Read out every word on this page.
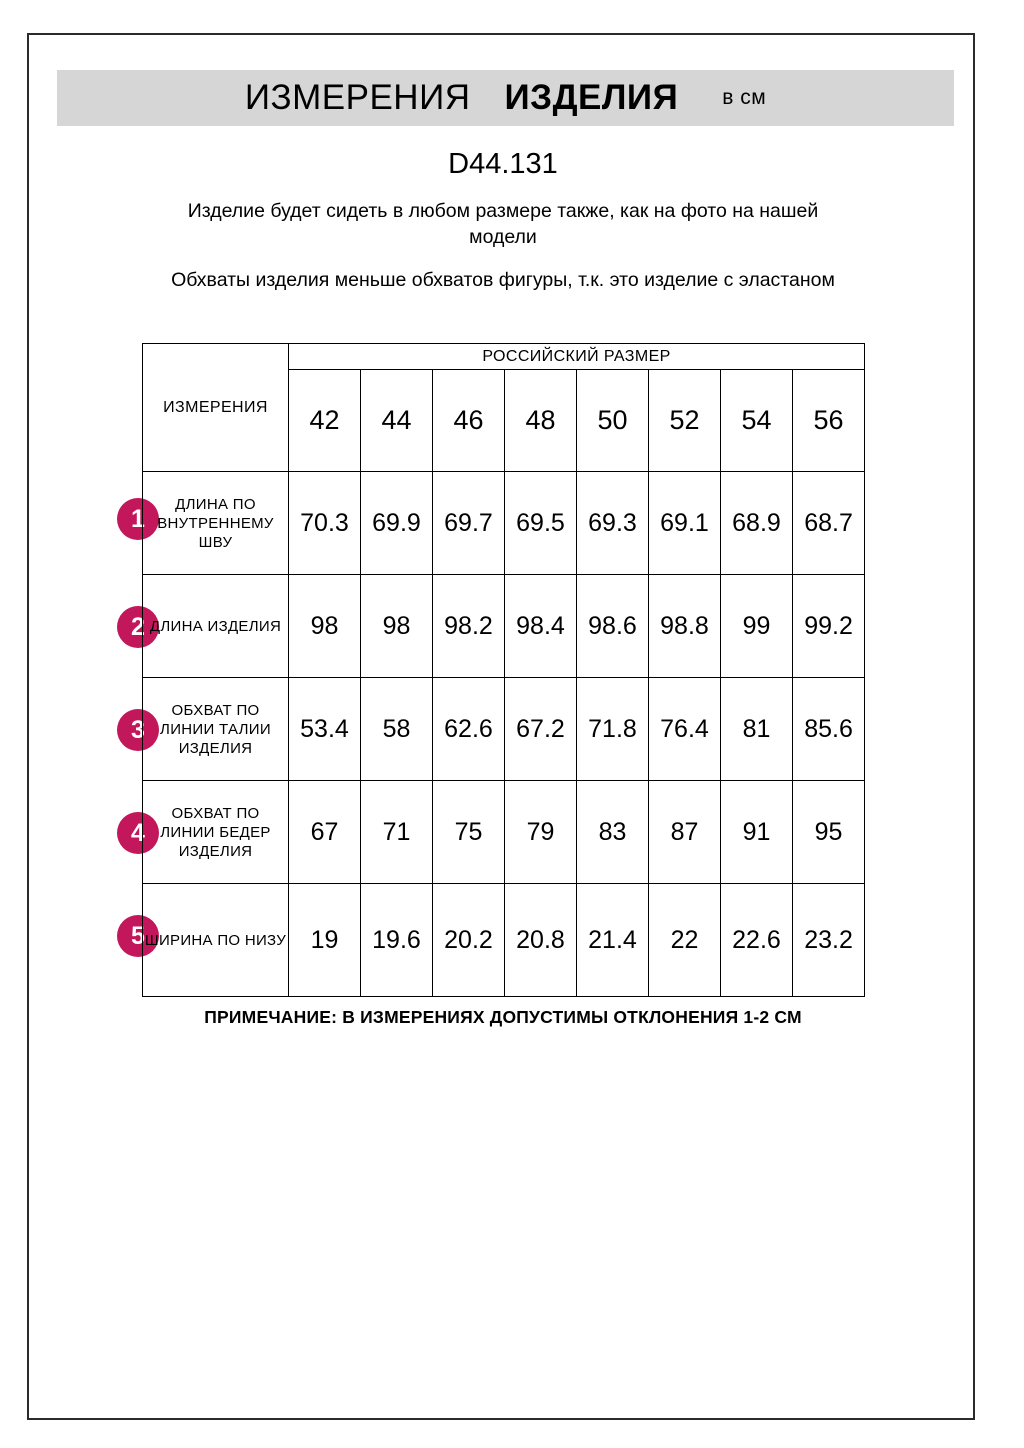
ИЗМЕРЕНИЯ ИЗДЕЛИЯ в см
D44.131
Изделие будет сидеть в любом размере также, как на фото на нашей модели
Обхваты изделия меньше обхватов фигуры, т.к. это изделие с эластаном
1
2
3
4
5
ИЗМЕРЕНИЯ	РОССИЙСКИЙ РАЗМЕР							
	42	44	46	48	50	52	54	56
ДЛИНА ПО ВНУТРЕННЕМУ ШВУ	70.3	69.9	69.7	69.5	69.3	69.1	68.9	68.7
ДЛИНА ИЗДЕЛИЯ	98	98	98.2	98.4	98.6	98.8	99	99.2
ОБХВАТ ПО ЛИНИИ ТАЛИИ ИЗДЕЛИЯ	53.4	58	62.6	67.2	71.8	76.4	81	85.6
ОБХВАТ ПО ЛИНИИ БЕДЕР ИЗДЕЛИЯ	67	71	75	79	83	87	91	95
ШИРИНА ПО НИЗУ	19	19.6	20.2	20.8	21.4	22	22.6	23.2
ПРИМЕЧАНИЕ: В ИЗМЕРЕНИЯХ ДОПУСТИМЫ ОТКЛОНЕНИЯ 1-2 СМ
